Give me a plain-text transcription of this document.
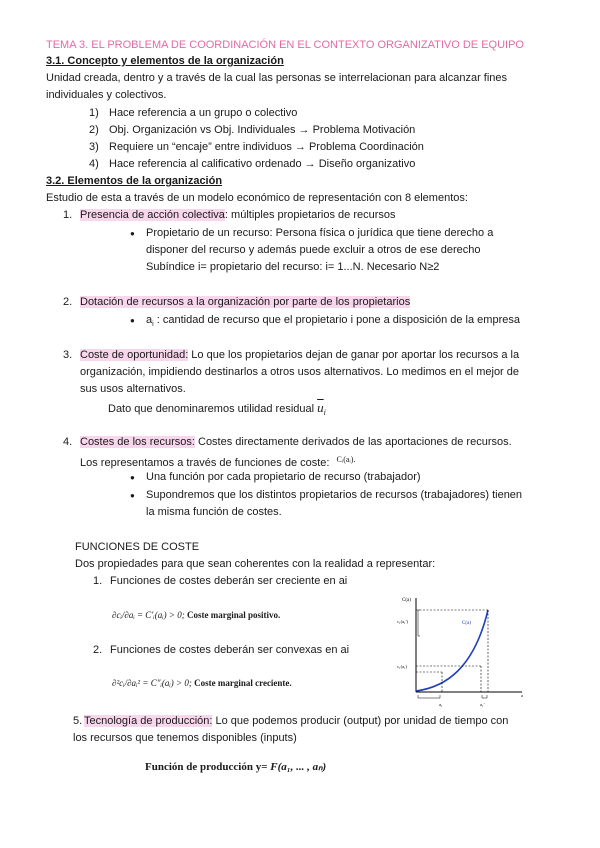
TEMA 3. EL PROBLEMA DE COORDINACIÓN EN EL CONTEXTO ORGANIZATIVO DE EQUIPO
3.1. Concepto y elementos de la organización
Unidad creada, dentro y a través de la cual las personas se interrelacionan para alcanzar fines
individuales y colectivos.
1) Hace referencia a un grupo o colectivo
2) Obj. Organización vs Obj. Individuales → Problema Motivación
3) Requiere un “encaje” entre individuos → Problema Coordinación
4) Hace referencia al calificativo ordenado → Diseño organizativo
3.2. Elementos de la organización
Estudio de esta a través de un modelo económico de representación con 8 elementos:
1. Presencia de acción colectiva: múltiples propietarios de recursos
● Propietario de un recurso: Persona física o jurídica que tiene derecho a
disponer del recurso y además puede excluir a otros de ese derecho
Subíndice i= propietario del recurso: i= 1...N. Necesario N≥2
2. Dotación de recursos a la organización por parte de los propietarios
● $a_i$ : cantidad de recurso que el propietario i pone a disposición de la empresa
3. Coste de oportunidad: Lo que los propietarios dejan de ganar por aportar los recursos a la
organización, impidiendo destinarlos a otros usos alternativos. Lo medimos en el mejor de
sus usos alternativos.
Dato que denominaremos utilidad residual $\overline{u}_i$
4. Costes de los recursos: Costes directamente derivados de las aportaciones de recursos.
Los representamos a través de funciones de coste: $^{Cᵢ(aᵢ).}$
● Una función por cada propietario de recurso (trabajador)
● Supondremos que los distintos propietarios de recursos (trabajadores) tienen
la misma función de costes.
FUNCIONES DE COSTE
Dos propiedades para que sean coherentes con la realidad a representar:
1. Funciones de costes deberán ser creciente en ai
∂cᵢ/∂aᵢ = C′ᵢ(aᵢ) > 0; Coste marginal positivo.
2. Funciones de costes deberán ser convexas en ai
∂²cᵢ/∂aᵢ² = C″ᵢ(aᵢ) > 0; Coste marginal creciente.
C(a)
C(a)
c₁(a₁′)
c₁(a₁)
a₁	a₁′
a
5. Tecnología de producción: Lo que podemos producir (output) por unidad de tiempo con
los recursos que tenemos disponibles (inputs)
Función de producción y= F(a₁, ... , aₙ)
